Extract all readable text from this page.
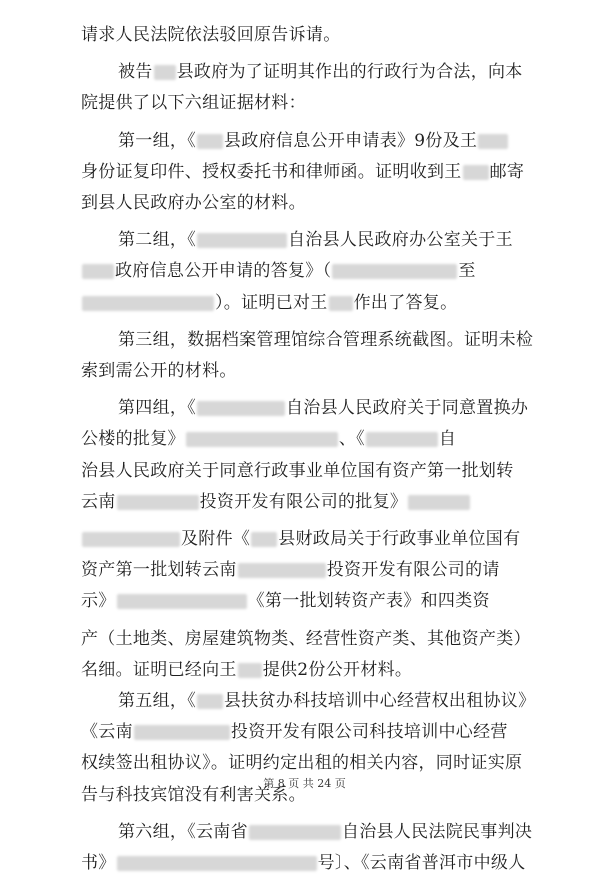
请求人民法院依法驳回原告诉请。
被告 县政府为了证明其作出的行政行为合法，向本
院提供了以下六组证据材料：
第一组，《 县政府信息公开申请表》9份及王
身份证复印件、授权委托书和律师函。证明收到王 邮寄
到县人民政府办公室的材料。
第二组，《	自治县人民政府办公室关于王
政府信息公开申请的答复》（	至
）。证明已对王 作出了答复。
第三组，数据档案管理馆综合管理系统截图。证明未检
索到需公开的材料。
第四组，《	自治县人民政府关于同意置换办
公楼的批复》	、《	自
治县人民政府关于同意行政事业单位国有资产第一批划转
云南	投资开发有限公司的批复》
及附件《 县财政局关于行政事业单位国有
资产第一批划转云南	投资开发有限公司的请
示》	《第一批划转资产表》和四类资
产（土地类、房屋建筑物类、经营性资产类、其他资产类）
名细。证明已经向王 提供2份公开材料。
第五组，《 县扶贫办科技培训中心经营权出租协议》
《云南	投资开发有限公司科技培训中心经营
权续签出租协议》。证明约定出租的相关内容，同时证实原
告与科技宾馆没有利害关系。
第六组，《云南省	自治县人民法院民事判决
书》	号〕、《云南省普洱市中级人
第 8 页 共 24 页
